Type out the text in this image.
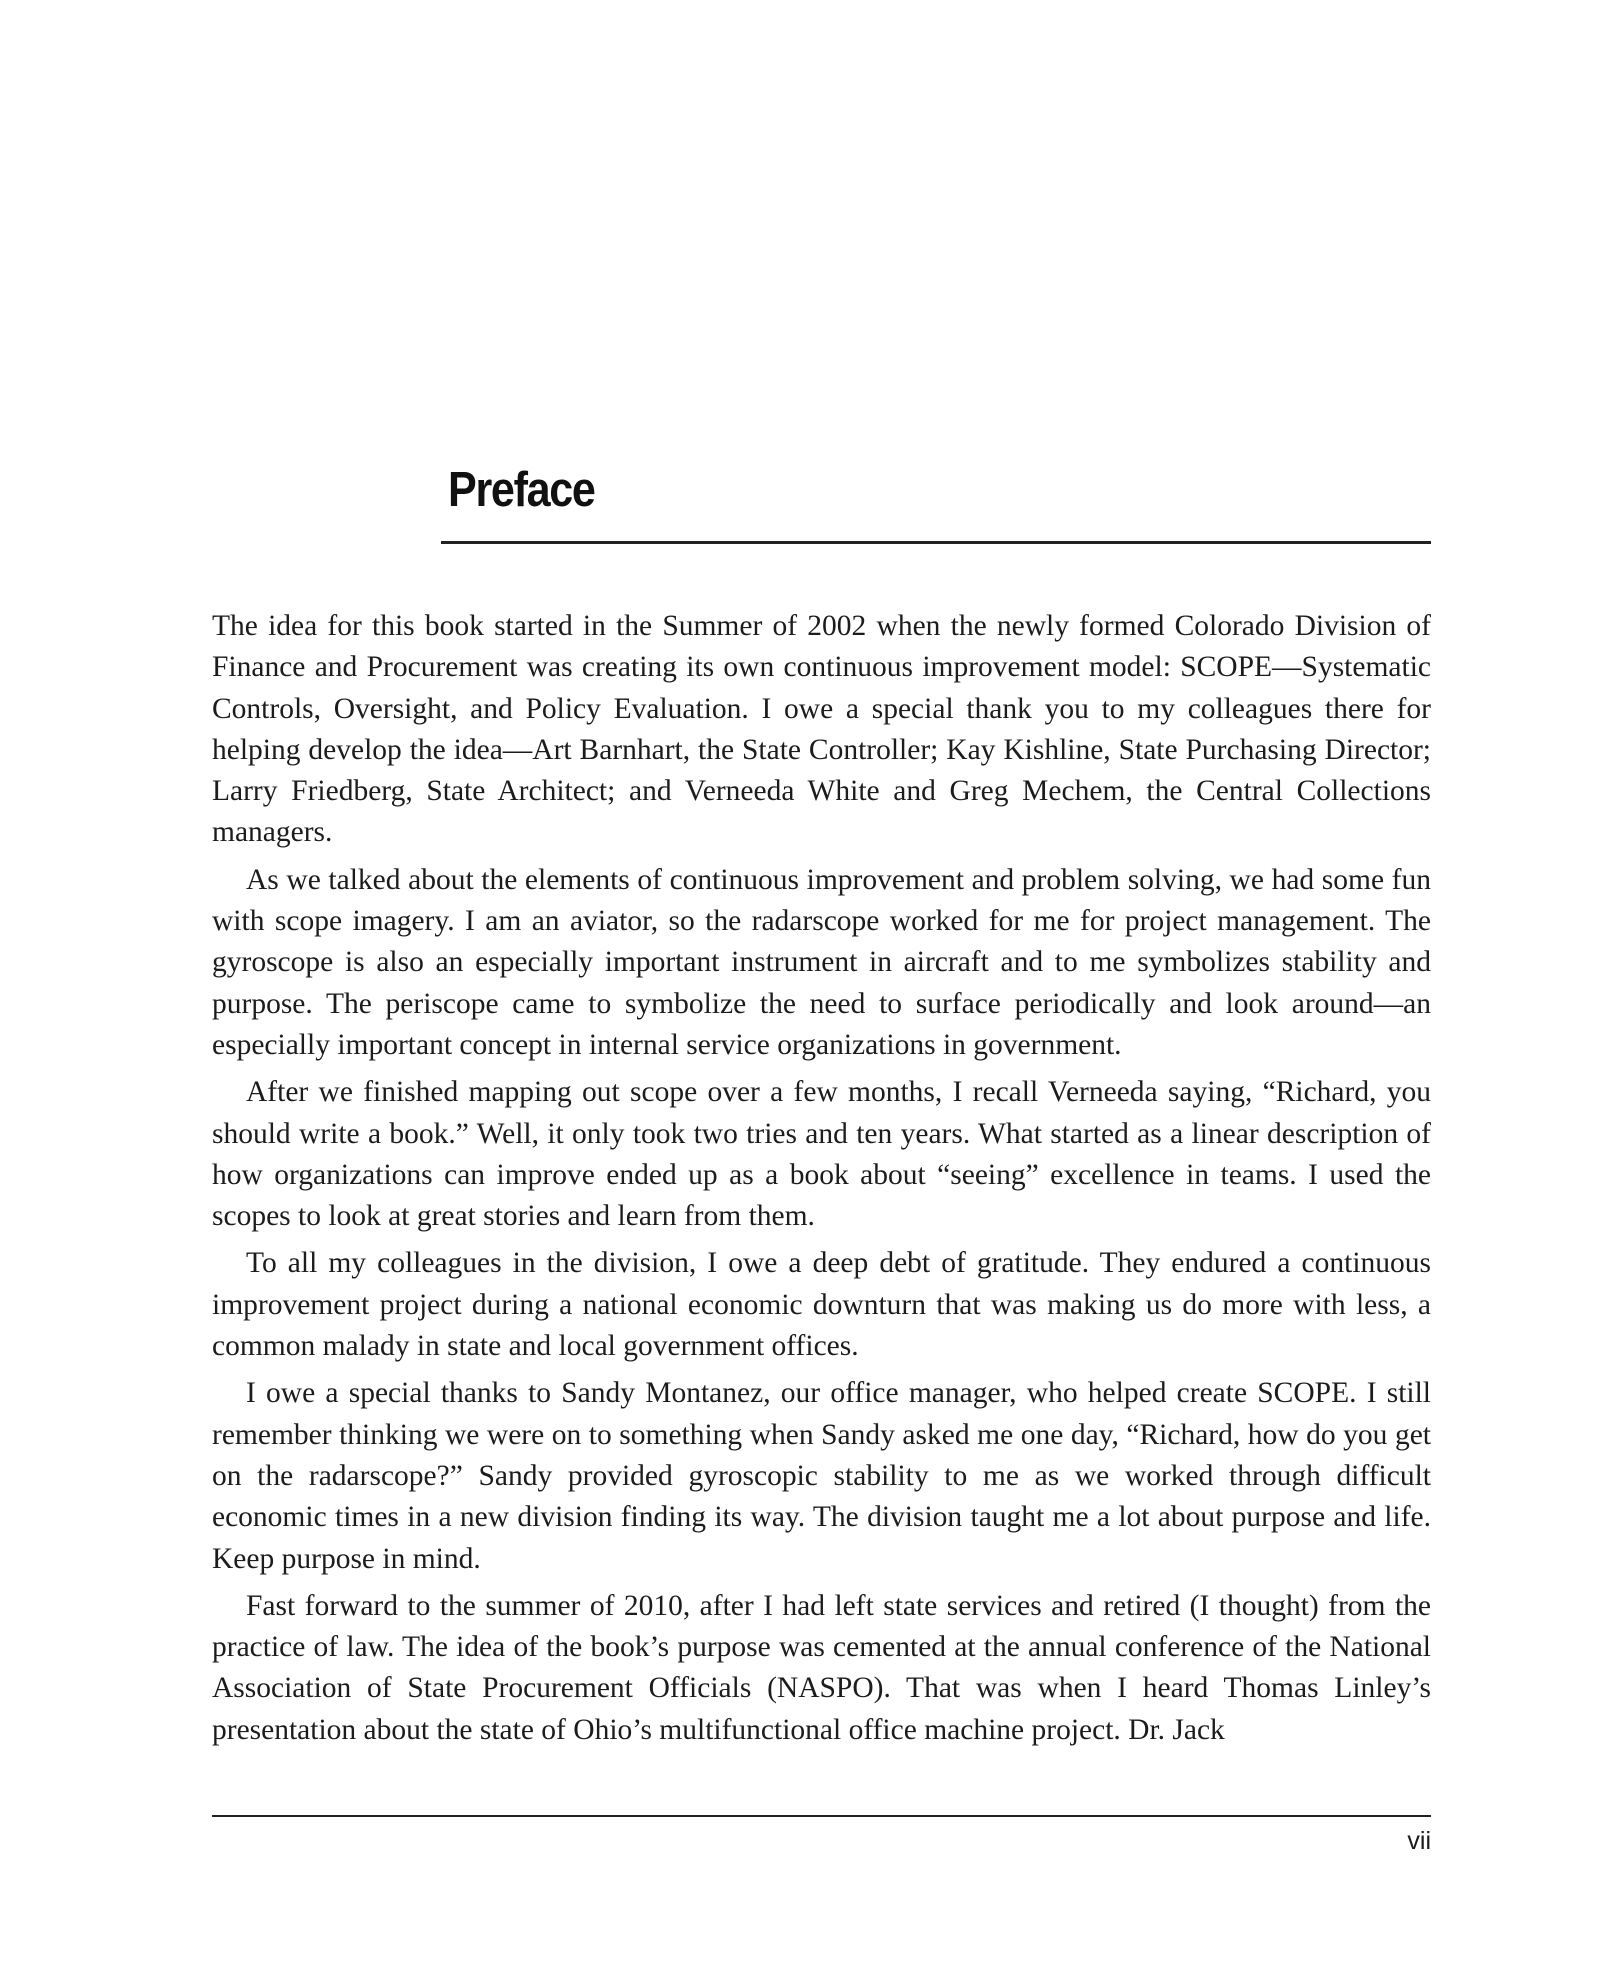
Preface

The idea for this book started in the Summer of 2002 when the newly formed Colorado Division of Finance and Procurement was creating its own continuous improvement model: SCOPE—Systematic Controls, Oversight, and Policy Evaluation. I owe a special thank you to my colleagues there for helping develop the idea—Art Barnhart, the State Controller; Kay Kishline, State Purchasing Director; Larry Friedberg, State Architect; and Verneeda White and Greg Mechem, the Central Collections managers.

As we talked about the elements of continuous improvement and problem solving, we had some fun with scope imagery. I am an aviator, so the radarscope worked for me for project management. The gyroscope is also an especially important instrument in aircraft and to me symbolizes stability and purpose. The periscope came to symbolize the need to surface periodically and look around—an especially important concept in internal service organizations in government.

After we finished mapping out scope over a few months, I recall Verneeda saying, “Richard, you should write a book.” Well, it only took two tries and ten years. What started as a linear description of how organizations can improve ended up as a book about “seeing” excellence in teams. I used the scopes to look at great stories and learn from them.

To all my colleagues in the division, I owe a deep debt of gratitude. They endured a continuous improvement project during a national economic downturn that was making us do more with less, a common malady in state and local government offices.

I owe a special thanks to Sandy Montanez, our office manager, who helped create SCOPE. I still remember thinking we were on to something when Sandy asked me one day, “Richard, how do you get on the radarscope?” Sandy provided gyroscopic stability to me as we worked through difficult economic times in a new division finding its way. The division taught me a lot about purpose and life. Keep purpose in mind.

Fast forward to the summer of 2010, after I had left state services and retired (I thought) from the practice of law. The idea of the book’s purpose was cemented at the annual conference of the National Association of State Procurement Officials (NASPO). That was when I heard Thomas Linley’s presentation about the state of Ohio’s multifunctional office machine project. Dr. Jack

vii
